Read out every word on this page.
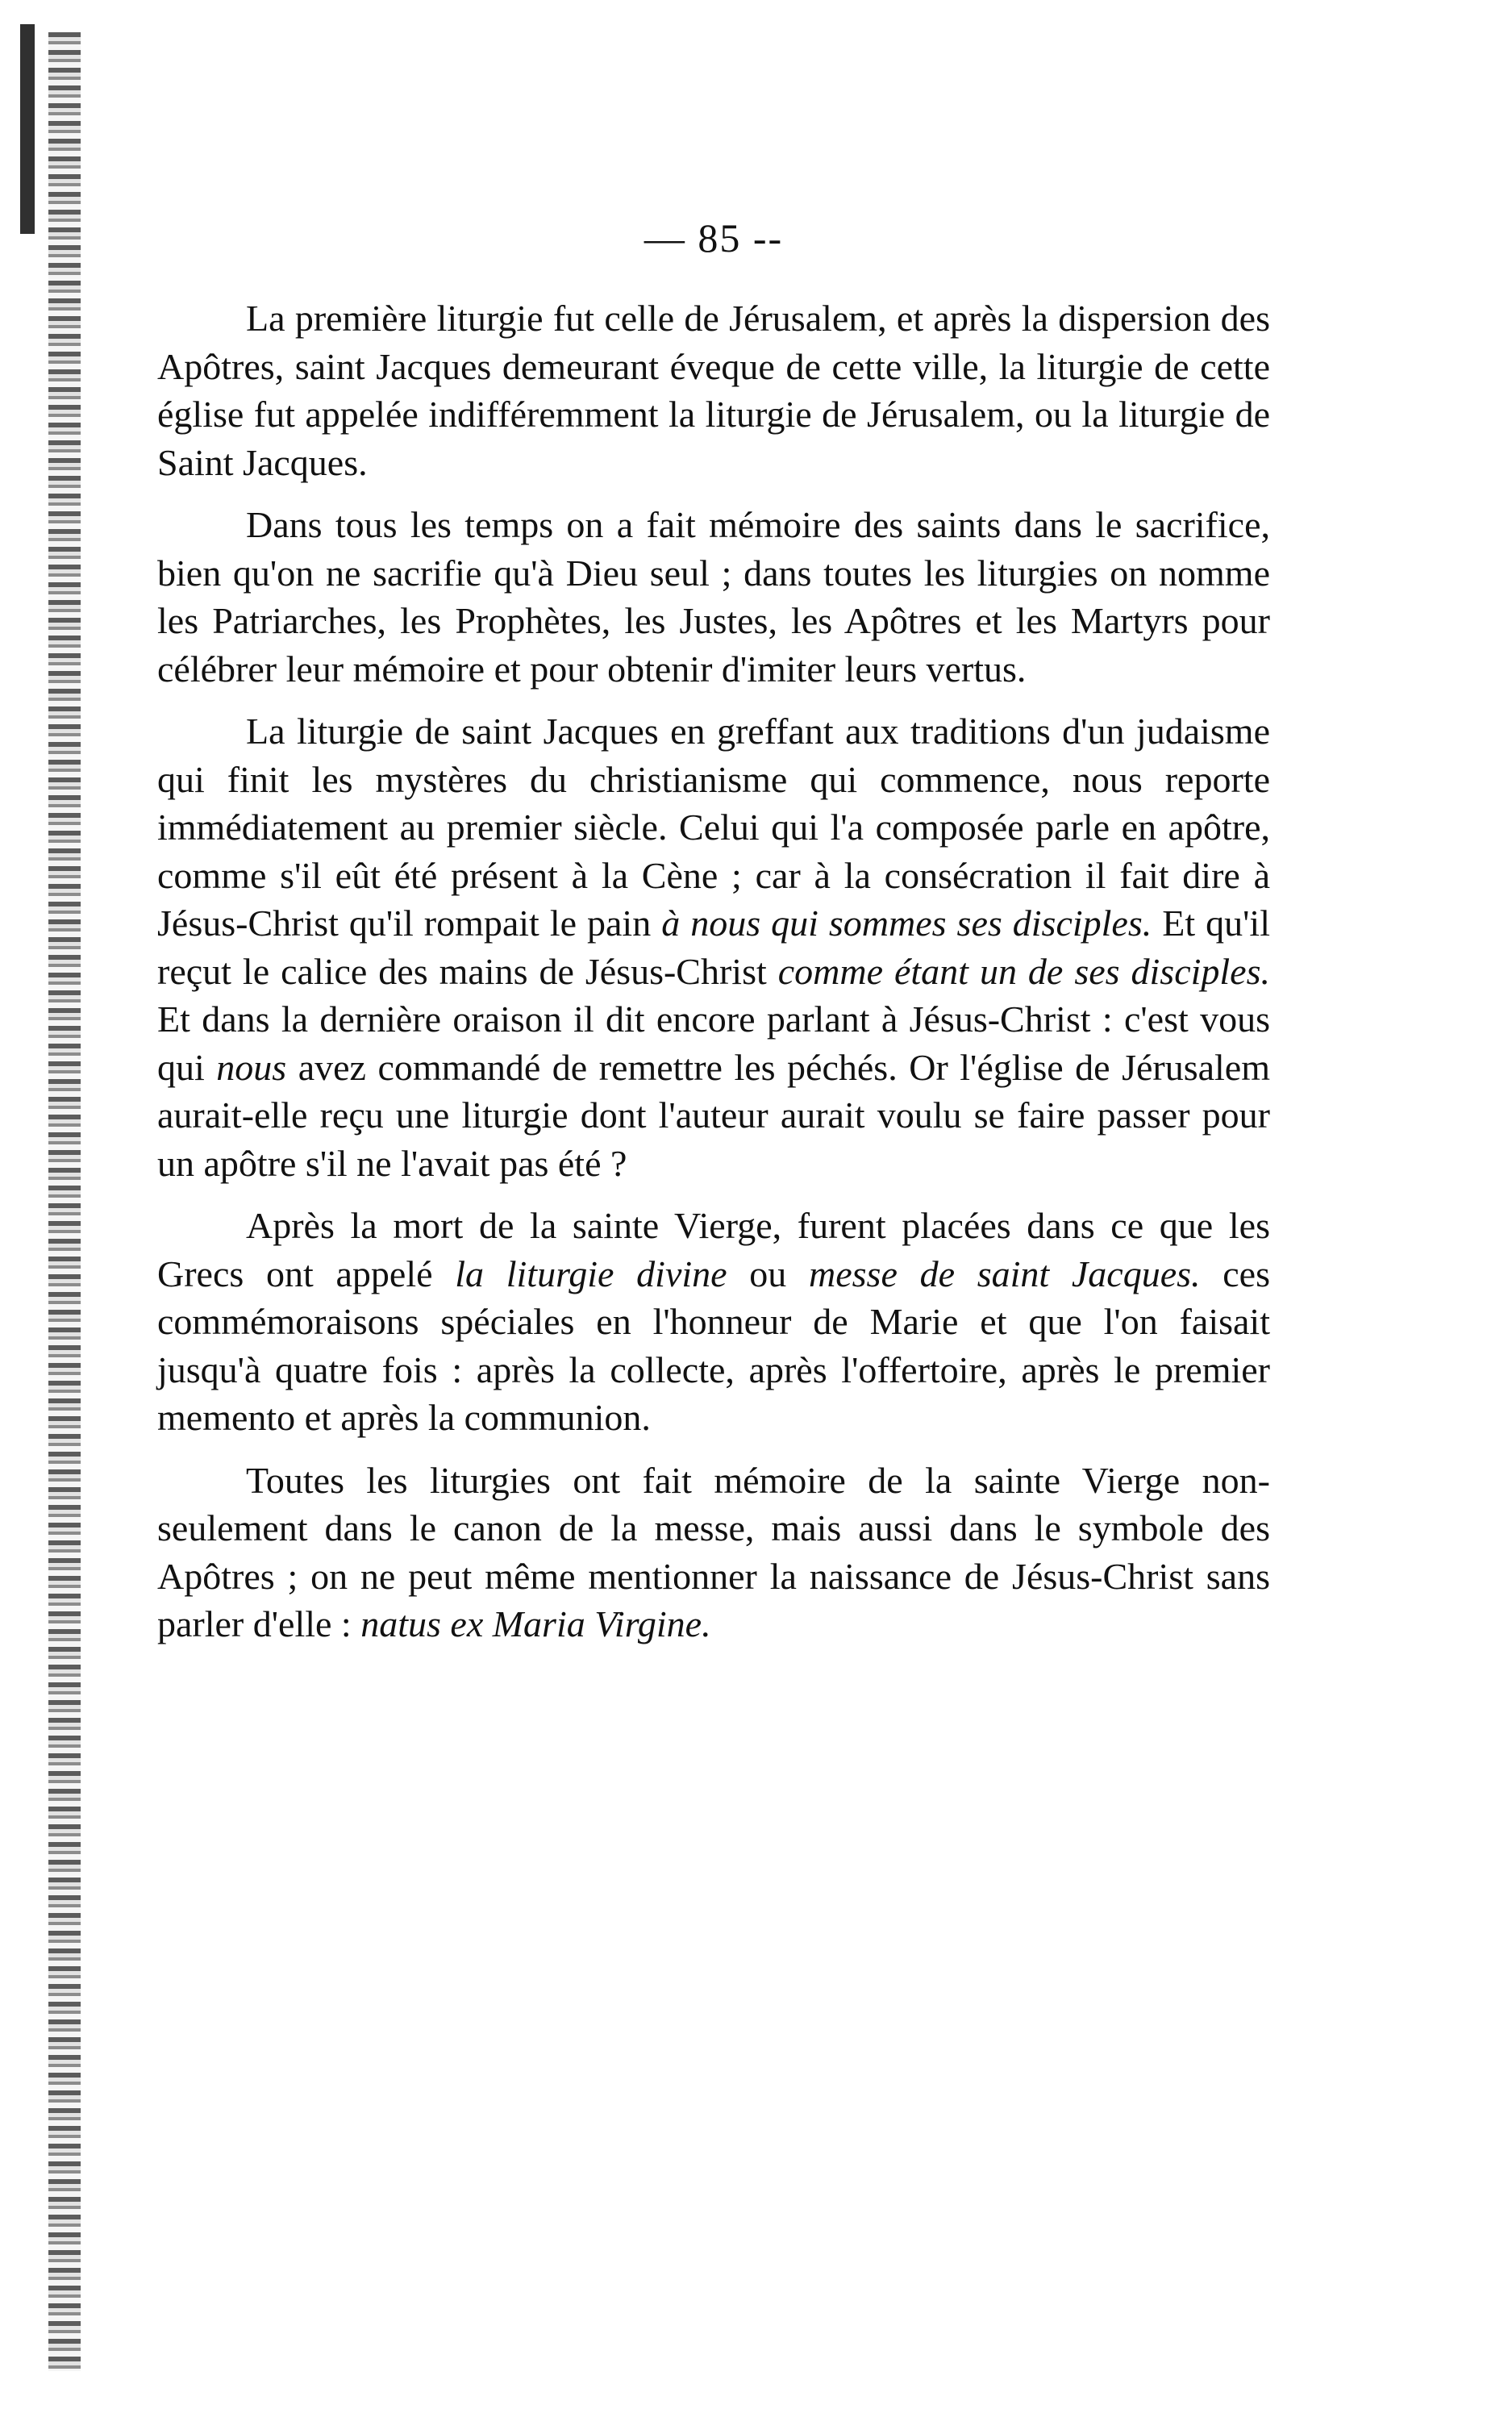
— 85 --

La première liturgie fut celle de Jérusalem, et après la dispersion des Apôtres, saint Jacques demeurant éveque de cette ville, la liturgie de cette église fut appelée indifféremment la liturgie de Jérusalem, ou la liturgie de Saint Jacques.

Dans tous les temps on a fait mémoire des saints dans le sacrifice, bien qu'on ne sacrifie qu'à Dieu seul ; dans toutes les liturgies on nomme les Patriarches, les Prophètes, les Justes, les Apôtres et les Martyrs pour célébrer leur mémoire et pour obtenir d'imiter leurs vertus.

La liturgie de saint Jacques en greffant aux traditions d'un judaisme qui finit les mystères du christianisme qui commence, nous reporte immédiatement au premier siècle. Celui qui l'a composée parle en apôtre, comme s'il eût été présent à la Cène ; car à la consécration il fait dire à Jésus-Christ qu'il rompait le pain à nous qui sommes ses disciples. Et qu'il reçut le calice des mains de Jésus-Christ comme étant un de ses disciples. Et dans la dernière oraison il dit encore parlant à Jésus-Christ : c'est vous qui nous avez commandé de remettre les péchés. Or l'église de Jérusalem aurait-elle reçu une liturgie dont l'auteur aurait voulu se faire passer pour un apôtre s'il ne l'avait pas été ?

Après la mort de la sainte Vierge, furent placées dans ce que les Grecs ont appelé la liturgie divine ou messe de saint Jacques. ces commémoraisons spéciales en l'honneur de Marie et que l'on faisait jusqu'à quatre fois : après la collecte, après l'offertoire, après le premier memento et après la communion.

Toutes les liturgies ont fait mémoire de la sainte Vierge non-seulement dans le canon de la messe, mais aussi dans le symbole des Apôtres ; on ne peut même mentionner la naissance de Jésus-Christ sans parler d'elle : natus ex Maria Virgine.
